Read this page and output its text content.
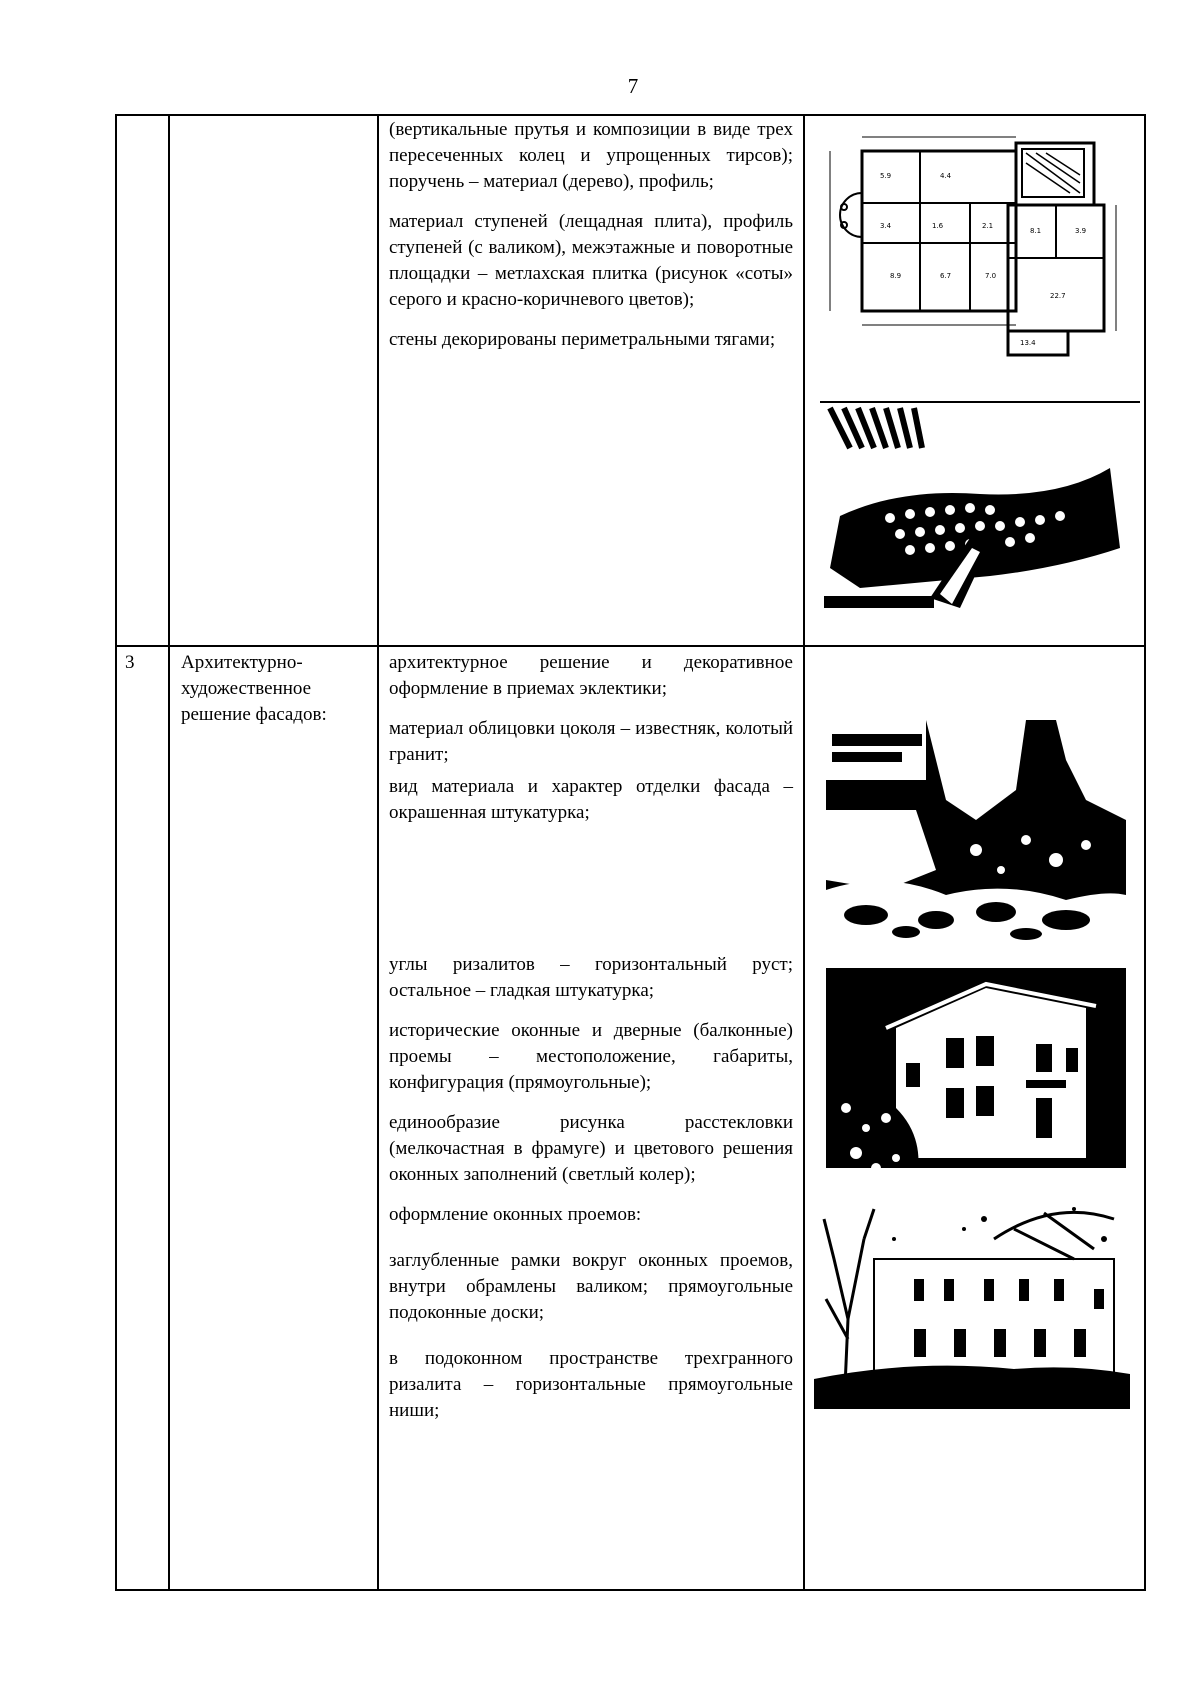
7

(вертикальные прутья и композиции в виде трех пересеченных колец и упрощенных тирсов); поручень – материал (дерево), профиль;

материал ступеней (лещадная плита), профиль ступеней (с валиком), межэтажные и поворотные площадки – метлахская плитка (рисунок «соты» серого и красно-коричневого цветов);

стены декорированы периметральными тягами;

5.9	4.4
3.4	1.6	2.1
8.9	6.7	7.0
8.1	3.9
22.7
13.4
3 Архитектурно-художественное решение фасадов:

архитектурное решение и декоративное оформление в приемах эклектики;

материал облицовки цоколя – известняк, колотый гранит;

вид материала и характер отделки фасада – окрашенная штукатурка;

углы ризалитов – горизонтальный руст; остальное – гладкая штукатурка;

исторические оконные и дверные (балконные) проемы – местоположение, габариты, конфигурация (прямоугольные);

единообразие рисунка расстекловки (мелкочастная в фрамуге) и цветового решения оконных заполнений (светлый колер);

оформление оконных проемов:

заглубленные рамки вокруг оконных проемов, внутри обрамлены валиком; прямоугольные подоконные доски;

в подоконном пространстве трехгранного ризалита – горизонтальные прямоугольные ниши;
